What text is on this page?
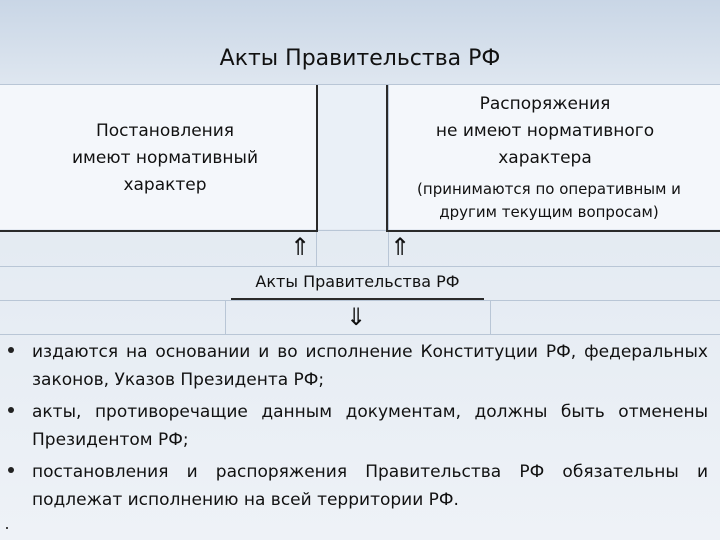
Акты Правительства РФ
Постановления
имеют нормативный
характер
Распоряжения
не имеют нормативного
характера
(принимаются по оперативным и
другим текущим вопросам)
⇑	⇑
⇓
Акты Правительства РФ
издаются на основании и во исполнение Конституции РФ, федеральных законов, Указов Президента РФ;
акты, противоречащие данным документам, должны быть отменены Президентом РФ;
постановления и распоряжения Правительства РФ обязательны и подлежат исполнению на всей территории РФ.
